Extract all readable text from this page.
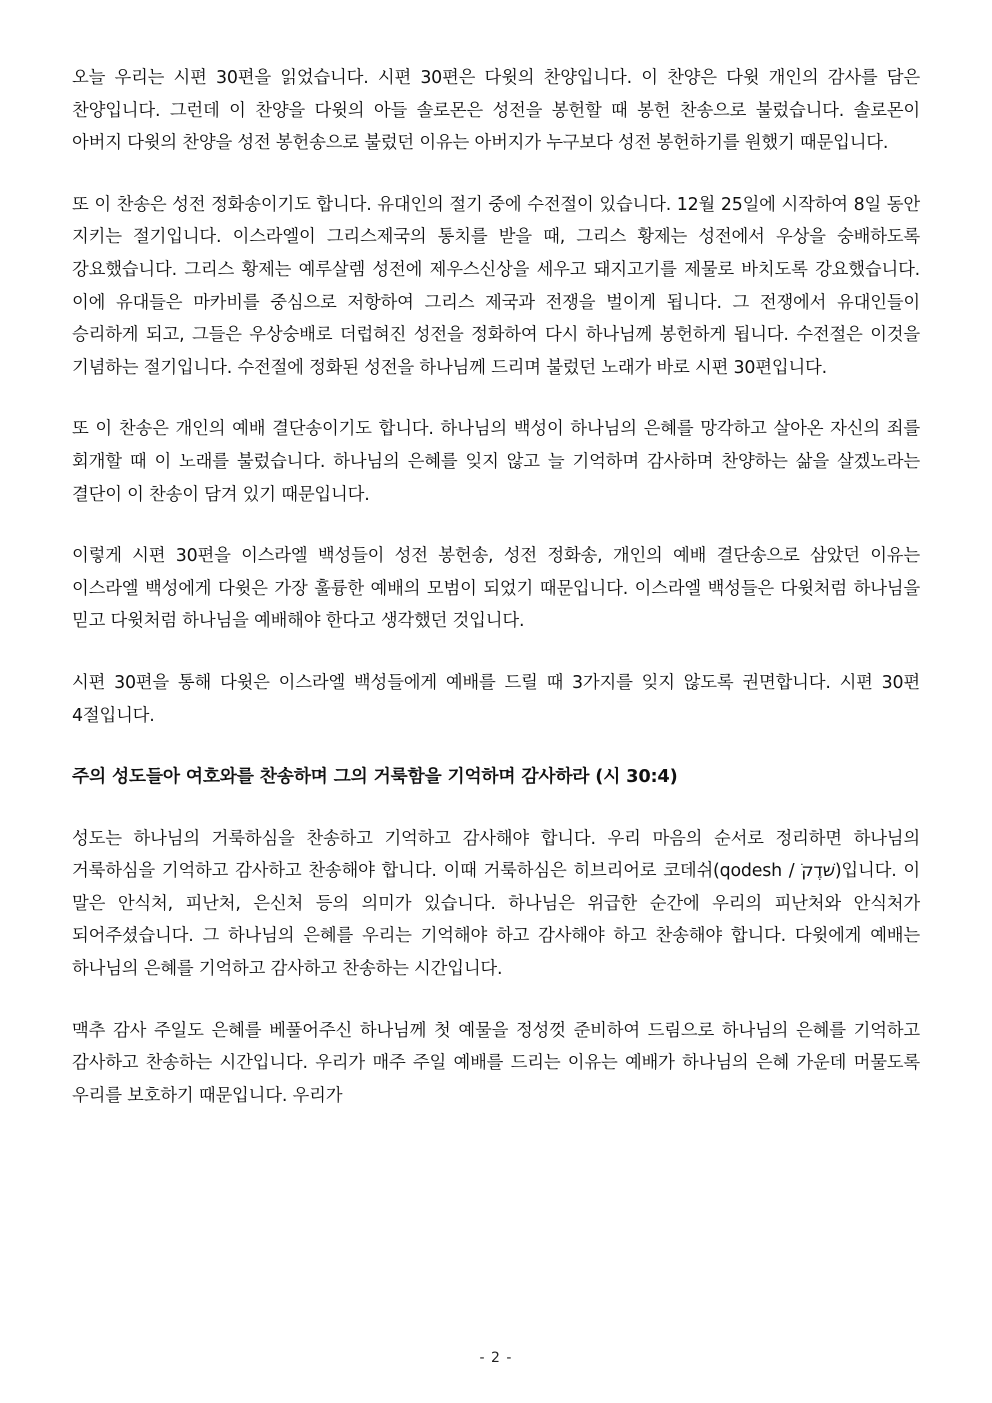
오늘 우리는 시편 30편을 읽었습니다. 시편 30편은 다윗의 찬양입니다. 이 찬양은 다윗 개인의 감사를 담은 찬양입니다. 그런데 이 찬양을 다윗의 아들 솔로몬은 성전을 봉헌할 때 봉헌 찬송으로 불렀습니다. 솔로몬이 아버지 다윗의 찬양을 성전 봉헌송으로 불렀던 이유는 아버지가 누구보다 성전 봉헌하기를 원했기 때문입니다.

또 이 찬송은 성전 정화송이기도 합니다. 유대인의 절기 중에 수전절이 있습니다. 12월 25일에 시작하여 8일 동안 지키는 절기입니다. 이스라엘이 그리스제국의 통치를 받을 때, 그리스 황제는 성전에서 우상을 숭배하도록 강요했습니다. 그리스 황제는 예루살렘 성전에 제우스신상을 세우고 돼지고기를 제물로 바치도록 강요했습니다. 이에 유대들은 마카비를 중심으로 저항하여 그리스 제국과 전쟁을 벌이게 됩니다. 그 전쟁에서 유대인들이 승리하게 되고, 그들은 우상숭배로 더럽혀진 성전을 정화하여 다시 하나님께 봉헌하게 됩니다. 수전절은 이것을 기념하는 절기입니다. 수전절에 정화된 성전을 하나님께 드리며 불렀던 노래가 바로 시편 30편입니다.

또 이 찬송은 개인의 예배 결단송이기도 합니다. 하나님의 백성이 하나님의 은혜를 망각하고 살아온 자신의 죄를 회개할 때 이 노래를 불렀습니다. 하나님의 은혜를 잊지 않고 늘 기억하며 감사하며 찬양하는 삶을 살겠노라는 결단이 이 찬송이 담겨 있기 때문입니다.

이렇게 시편 30편을 이스라엘 백성들이 성전 봉헌송, 성전 정화송, 개인의 예배 결단송으로 삼았던 이유는 이스라엘 백성에게 다윗은 가장 훌륭한 예배의 모범이 되었기 때문입니다. 이스라엘 백성들은 다윗처럼 하나님을 믿고 다윗처럼 하나님을 예배해야 한다고 생각했던 것입니다.

시편 30편을 통해 다윗은 이스라엘 백성들에게 예배를 드릴 때 3가지를 잊지 않도록 권면합니다. 시편 30편 4절입니다.

주의 성도들아 여호와를 찬송하며 그의 거룩함을 기억하며 감사하라 (시 30:4)

성도는 하나님의 거룩하심을 찬송하고 기억하고 감사해야 합니다. 우리 마음의 순서로 정리하면 하나님의 거룩하심을 기억하고 감사하고 찬송해야 합니다. 이때 거룩하심은 히브리어로 코데쉬(qodesh / שׁדֶקֹ)입니다. 이 말은 안식처, 피난처, 은신처 등의 의미가 있습니다. 하나님은 위급한 순간에 우리의 피난처와 안식처가 되어주셨습니다. 그 하나님의 은혜를 우리는 기억해야 하고 감사해야 하고 찬송해야 합니다. 다윗에게 예배는 하나님의 은혜를 기억하고 감사하고 찬송하는 시간입니다.

맥추 감사 주일도 은혜를 베풀어주신 하나님께 첫 예물을 정성껏 준비하여 드림으로 하나님의 은혜를 기억하고 감사하고 찬송하는 시간입니다. 우리가 매주 주일 예배를 드리는 이유는 예배가 하나님의 은혜 가운데 머물도록 우리를 보호하기 때문입니다. 우리가

- 2 -
